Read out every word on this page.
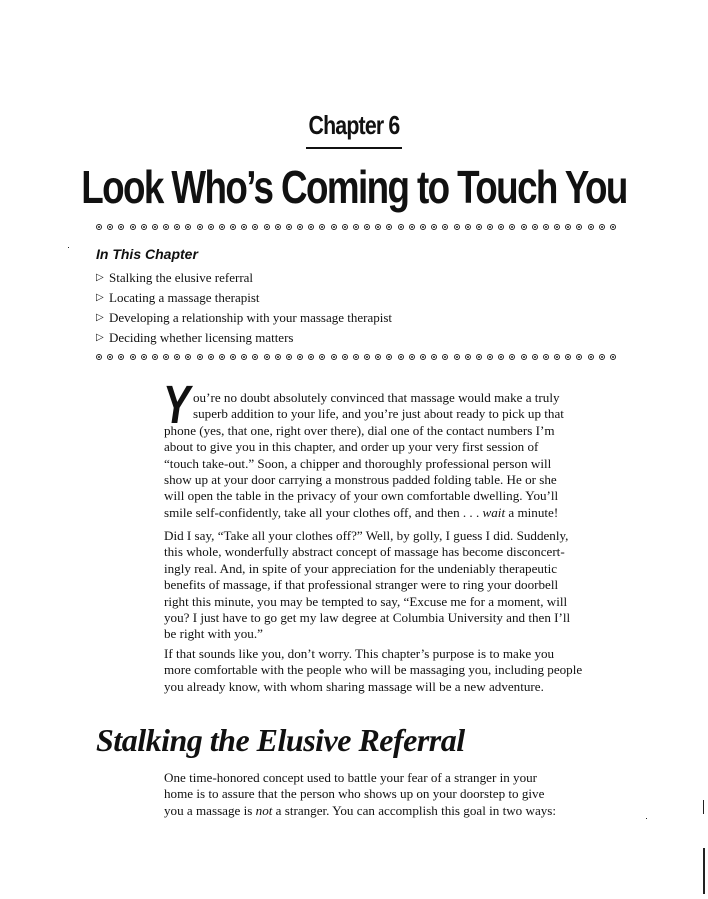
Chapter 6
Look Who’s Coming to Touch You
In This Chapter
▷ Stalking the elusive referral
▷ Locating a massage therapist
▷ Developing a relationship with your massage therapist
▷ Deciding whether licensing matters
Y ou’re no doubt absolutely convinced that massage would make a truly
superb addition to your life, and you’re just about ready to pick up that
phone (yes, that one, right over there), dial one of the contact numbers I’m
about to give you in this chapter, and order up your very first session of
“touch take-out.” Soon, a chipper and thoroughly professional person will
show up at your door carrying a monstrous padded folding table. He or she
will open the table in the privacy of your own comfortable dwelling. You’ll
smile self-confidently, take all your clothes off, and then . . . wait a minute!
Did I say, “Take all your clothes off?” Well, by golly, I guess I did. Suddenly,
this whole, wonderfully abstract concept of massage has become disconcert-
ingly real. And, in spite of your appreciation for the undeniably therapeutic
benefits of massage, if that professional stranger were to ring your doorbell
right this minute, you may be tempted to say, “Excuse me for a moment, will
you? I just have to go get my law degree at Columbia University and then I’ll
be right with you.”
If that sounds like you, don’t worry. This chapter’s purpose is to make you
more comfortable with the people who will be massaging you, including people
you already know, with whom sharing massage will be a new adventure.
Stalking the Elusive Referral
One time-honored concept used to battle your fear of a stranger in your
home is to assure that the person who shows up on your doorstep to give
you a massage is not a stranger. You can accomplish this goal in two ways:
